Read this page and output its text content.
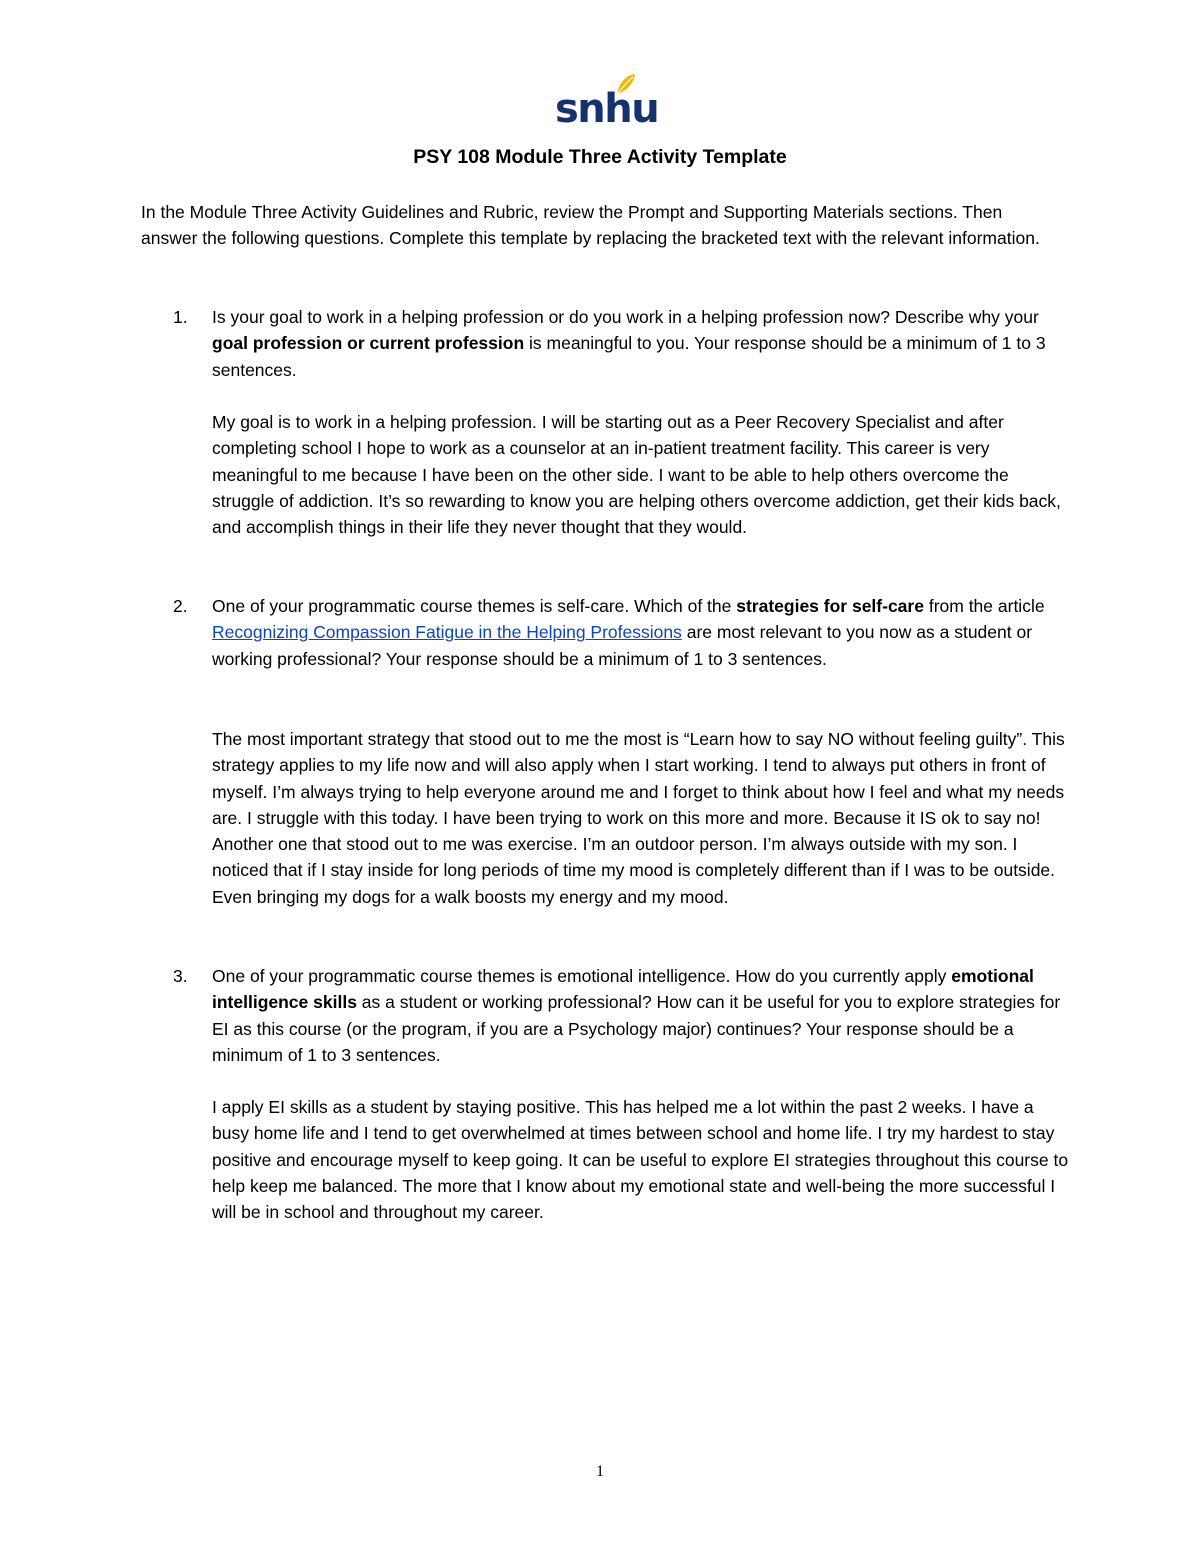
snhu
PSY 108 Module Three Activity Template
In the Module Three Activity Guidelines and Rubric, review the Prompt and Supporting Materials sections. Then answer the following questions. Complete this template by replacing the bracketed text with the relevant information.
1. Is your goal to work in a helping profession or do you work in a helping profession now? Describe why your goal profession or current profession is meaningful to you. Your response should be a minimum of 1 to 3 sentences.
My goal is to work in a helping profession. I will be starting out as a Peer Recovery Specialist and after completing school I hope to work as a counselor at an in-patient treatment facility. This career is very meaningful to me because I have been on the other side. I want to be able to help others overcome the struggle of addiction. It’s so rewarding to know you are helping others overcome addiction, get their kids back, and accomplish things in their life they never thought that they would.
2. One of your programmatic course themes is self-care. Which of the strategies for self-care from the article Recognizing Compassion Fatigue in the Helping Professions are most relevant to you now as a student or working professional? Your response should be a minimum of 1 to 3 sentences.
The most important strategy that stood out to me the most is “Learn how to say NO without feeling guilty”. This strategy applies to my life now and will also apply when I start working. I tend to always put others in front of myself. I’m always trying to help everyone around me and I forget to think about how I feel and what my needs are. I struggle with this today. I have been trying to work on this more and more. Because it IS ok to say no! Another one that stood out to me was exercise. I’m an outdoor person. I’m always outside with my son. I noticed that if I stay inside for long periods of time my mood is completely different than if I was to be outside. Even bringing my dogs for a walk boosts my energy and my mood.
3. One of your programmatic course themes is emotional intelligence. How do you currently apply emotional intelligence skills as a student or working professional? How can it be useful for you to explore strategies for EI as this course (or the program, if you are a Psychology major) continues? Your response should be a minimum of 1 to 3 sentences.
I apply EI skills as a student by staying positive. This has helped me a lot within the past 2 weeks. I have a busy home life and I tend to get overwhelmed at times between school and home life. I try my hardest to stay positive and encourage myself to keep going. It can be useful to explore EI strategies throughout this course to help keep me balanced. The more that I know about my emotional state and well-being the more successful I will be in school and throughout my career.
1
